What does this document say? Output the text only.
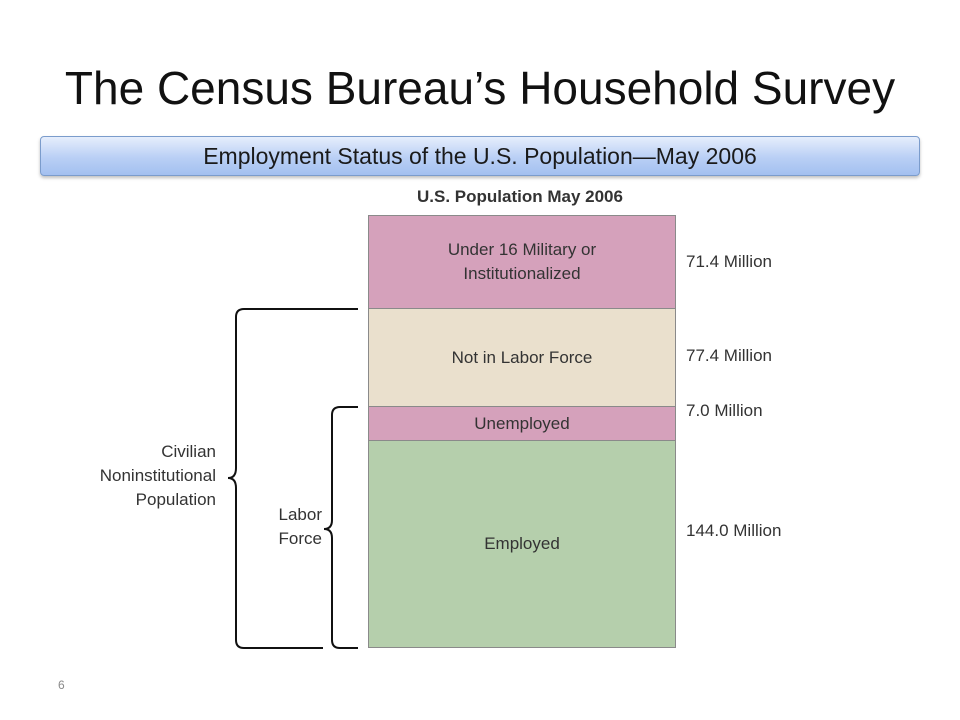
The Census Bureau’s Household Survey
Employment Status of the U.S. Population—May 2006
U.S. Population May 2006
Under 16 Military or
Institutionalized
Not in Labor Force
Unemployed
Employed
71.4 Million
77.4 Million
7.0 Million
144.0 Million
Civilian
Noninstitutional
Population
Labor
Force
6
